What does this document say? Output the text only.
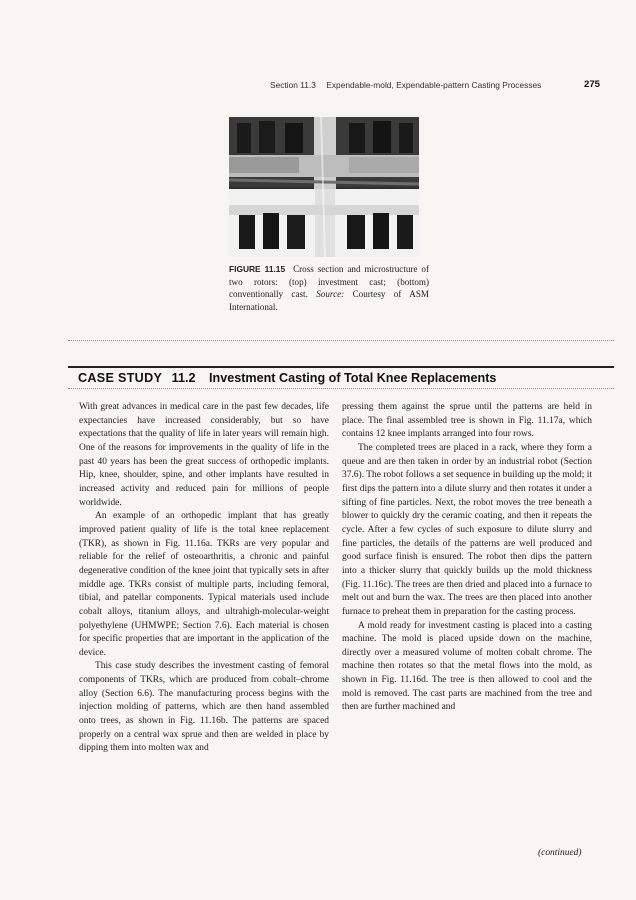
Section 11.3 Expendable-mold, Expendable-pattern Casting Processes	275
FIGURE 11.15 Cross section and microstructure of two rotors: (top) investment cast; (bottom) conventionally cast. Source: Courtesy of ASM International.
CASE STUDY 11.2 Investment Casting of Total Knee Replacements

With great advances in medical care in the past few decades, life expectancies have increased considerably, but so have expectations that the quality of life in later years will remain high. One of the reasons for improvements in the quality of life in the past 40 years has been the great success of orthopedic implants. Hip, knee, shoulder, spine, and other implants have resulted in increased activity and reduced pain for millions of people worldwide.

An example of an orthopedic implant that has greatly improved patient quality of life is the total knee replacement (TKR), as shown in Fig. 11.16a. TKRs are very popular and reliable for the relief of osteoarthritis, a chronic and painful degenerative condition of the knee joint that typically sets in after middle age. TKRs consist of multiple parts, including femoral, tibial, and patellar components. Typical materials used include cobalt alloys, titanium alloys, and ultrahigh-molecular-weight polyethylene (UHMWPE; Section 7.6). Each material is chosen for specific properties that are important in the application of the device.

This case study describes the investment casting of femoral components of TKRs, which are produced from cobalt–chrome alloy (Section 6.6). The manufacturing process begins with the injection molding of patterns, which are then hand assembled onto trees, as shown in Fig. 11.16b. The patterns are spaced properly on a central wax sprue and then are welded in place by dipping them into molten wax and

pressing them against the sprue until the patterns are held in place. The final assembled tree is shown in Fig. 11.17a, which contains 12 knee implants arranged into four rows.

The completed trees are placed in a rack, where they form a queue and are then taken in order by an industrial robot (Section 37.6). The robot follows a set sequence in building up the mold; it first dips the pattern into a dilute slurry and then rotates it under a sifting of fine particles. Next, the robot moves the tree beneath a blower to quickly dry the ceramic coating, and then it repeats the cycle. After a few cycles of such exposure to dilute slurry and fine particles, the details of the patterns are well produced and good surface finish is ensured. The robot then dips the pattern into a thicker slurry that quickly builds up the mold thickness (Fig. 11.16c). The trees are then dried and placed into a furnace to melt out and burn the wax. The trees are then placed into another furnace to preheat them in preparation for the casting process.

A mold ready for investment casting is placed into a casting machine. The mold is placed upside down on the machine, directly over a measured volume of molten cobalt chrome. The machine then rotates so that the metal flows into the mold, as shown in Fig. 11.16d. The tree is then allowed to cool and the mold is removed. The cast parts are machined from the tree and then are further machined and

(continued)
